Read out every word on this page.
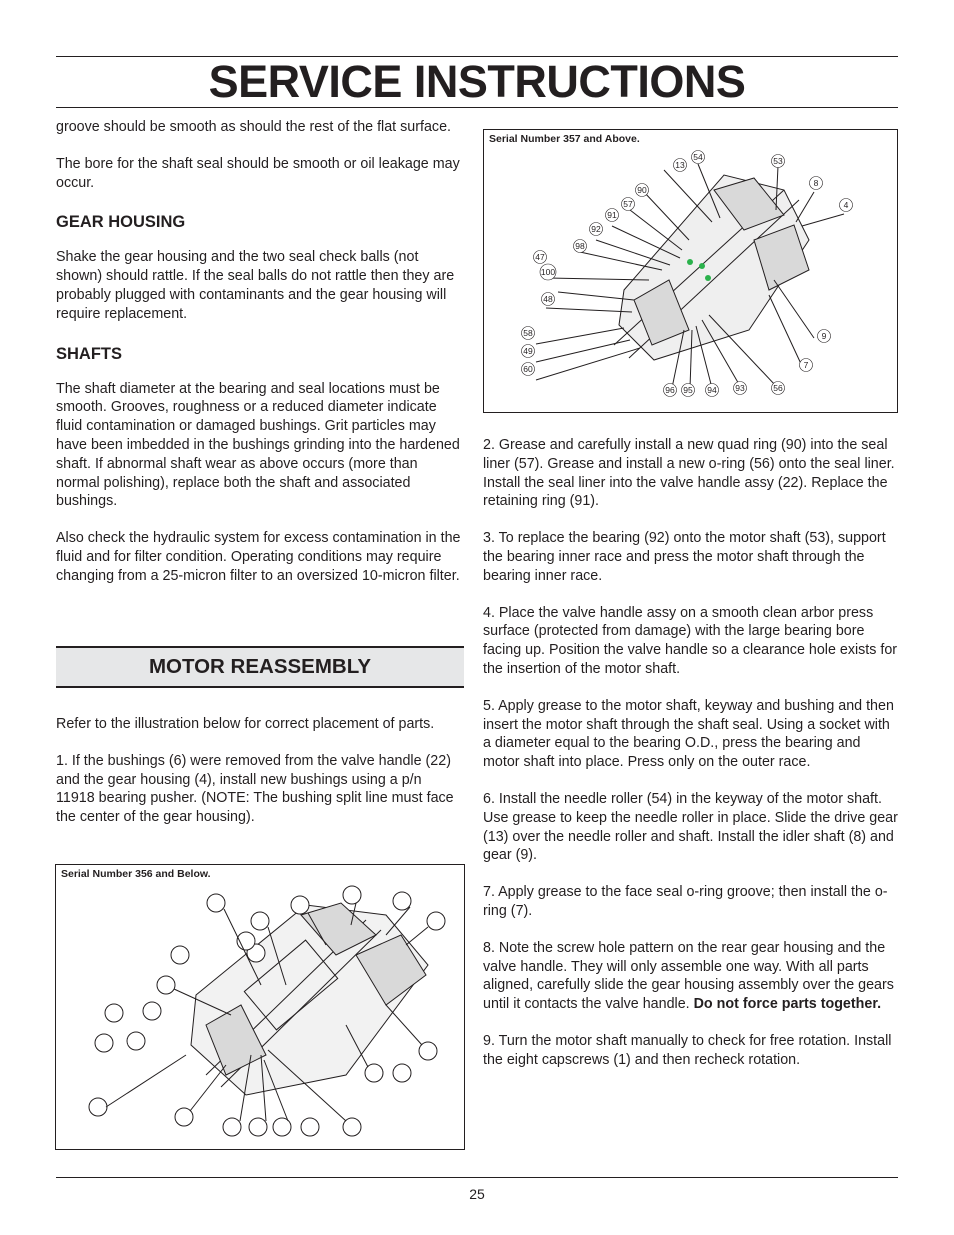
SERVICE INSTRUCTIONS

groove should be smooth as should the rest of the flat surface.

The bore for the shaft seal should be smooth or oil leakage may occur.

GEAR HOUSING

Shake the gear housing and the two seal check balls (not shown) should rattle. If the seal balls do not rattle then they are probably plugged with contaminants and the gear housing will require replacement.

SHAFTS

The shaft diameter at the bearing and seal locations must be smooth. Grooves, roughness or a reduced diameter indicate fluid contamination or damaged bushings. Grit particles may have been imbedded in the bushings grinding into the hardened shaft. If abnormal shaft wear as above occurs (more than normal polishing), replace both the shaft and associated bushings.

Also check the hydraulic system for excess contamination in the fluid and for filter condition. Operating conditions may require changing from a 25-micron filter to an oversized 10-micron filter.

MOTOR REASSEMBLY

Refer to the illustration below for correct placement of parts.

1. If the bushings (6) were removed from the valve handle (22) and the gear housing (4), install new bushings using a p/n 11918 bearing pusher. (NOTE: The bushing split line must face the center of the gear housing).

Serial Number 356 and Below.
Serial Number 357 and Above.
54	53
13
8
90
4
57
91
92
98
47
100
48
58	9
49
7
60
96 95 94 93	56

2. Grease and carefully install a new quad ring (90) into the seal liner (57). Grease and install a new o-ring (56) onto the seal liner. Install the seal liner into the valve handle assy (22). Replace the retaining ring (91).

3. To replace the bearing (92) onto the motor shaft (53), support the bearing inner race and press the motor shaft through the bearing inner race.

4. Place the valve handle assy on a smooth clean arbor press surface (protected from damage) with the large bearing bore facing up. Position the valve handle so a clearance hole exists for the insertion of the motor shaft.

5. Apply grease to the motor shaft, keyway and bushing and then insert the motor shaft through the shaft seal. Using a socket with a diameter equal to the bearing O.D., press the bearing and motor shaft into place. Press only on the outer race.

6. Install the needle roller (54) in the keyway of the motor shaft. Use grease to keep the needle roller in place. Slide the drive gear (13) over the needle roller and shaft. Install the idler shaft (8) and gear (9).

7. Apply grease to the face seal o-ring groove; then install the o-ring (7).

8. Note the screw hole pattern on the rear gear housing and the valve handle. They will only assemble one way. With all parts aligned, carefully slide the gear housing assembly over the gears until it contacts the valve handle. Do not force parts together.

9. Turn the motor shaft manually to check for free rotation. Install the eight capscrews (1) and then recheck rotation.

25
